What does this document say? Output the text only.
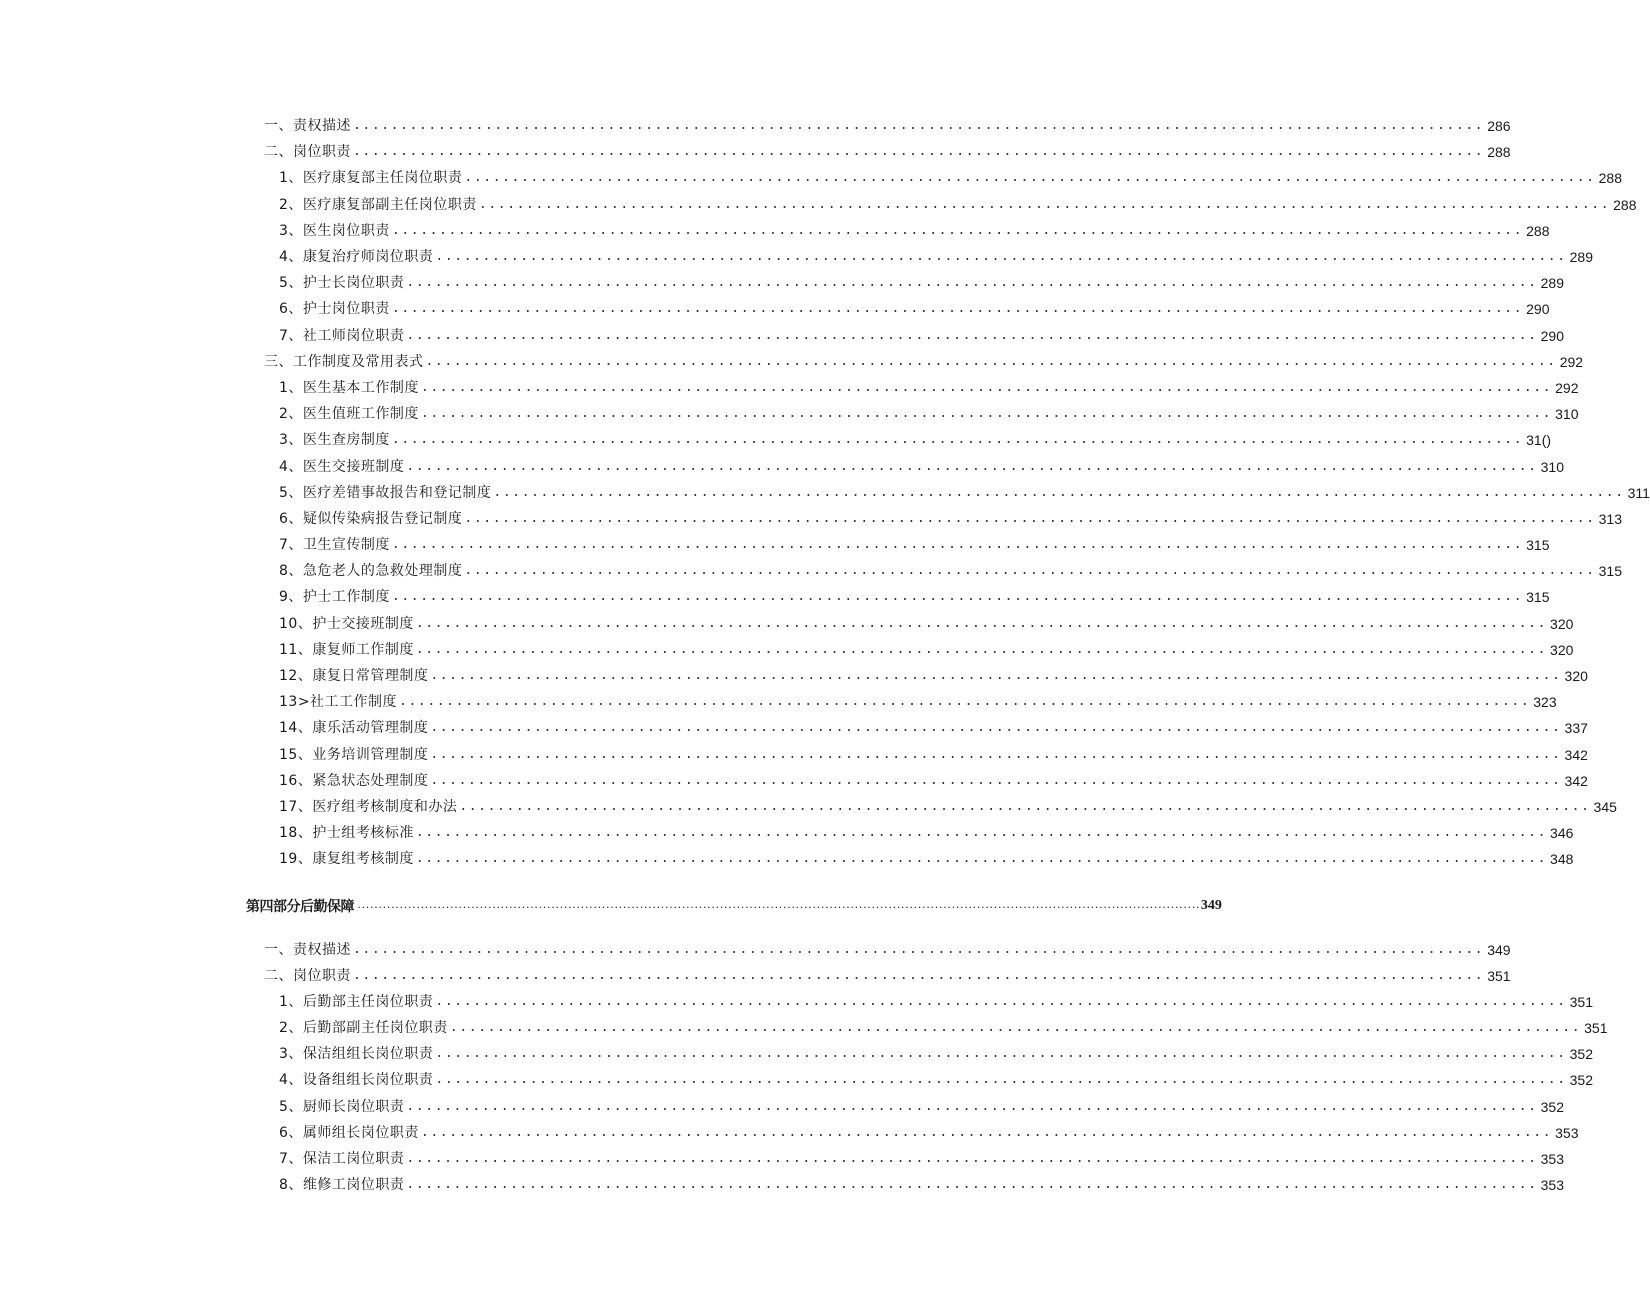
一、责权描述 ........................................................................................................................ 286
二、岗位职责 ........................................................................................................................ 288
1、医疗康复部主任岗位职责 ........................................................................................................................ 288
2、医疗康复部副主任岗位职责 ........................................................................................................................ 288
3、医生岗位职责 ........................................................................................................................ 288
4、康复治疗师岗位职责 ........................................................................................................................ 289
5、护士长岗位职责 ........................................................................................................................ 289
6、护士岗位职责 ........................................................................................................................ 290
7、社工师岗位职责 ........................................................................................................................ 290
三、工作制度及常用表式 ........................................................................................................................ 292
1、医生基本工作制度 ........................................................................................................................ 292
2、医生值班工作制度 ........................................................................................................................ 310
3、医生查房制度 ........................................................................................................................ 31()
4、医生交接班制度 ........................................................................................................................ 310
5、医疗差错事故报告和登记制度 ........................................................................................................................ 311
6、疑似传染病报告登记制度 ........................................................................................................................ 313
7、卫生宣传制度 ........................................................................................................................ 315
8、急危老人的急救处理制度 ........................................................................................................................ 315
9、护士工作制度 ........................................................................................................................ 315
10、护士交接班制度 ........................................................................................................................ 320
11、康复师工作制度 ........................................................................................................................ 320
12、康复日常管理制度 ........................................................................................................................ 320
13>社工工作制度 ........................................................................................................................ 323
14、康乐活动管理制度 ........................................................................................................................ 337
15、业务培训管理制度 ........................................................................................................................ 342
16、紧急状态处理制度 ........................................................................................................................ 342
17、医疗组考核制度和办法 ........................................................................................................................ 345
18、护士组考核标准 ........................................................................................................................ 346
19、康复组考核制度 ........................................................................................................................ 348
第四部分后勤保障 ........................................................................................................................................................................................................ 349
一、责权描述 ........................................................................................................................ 349
二、岗位职责 ........................................................................................................................ 351
1、后勤部主任岗位职责 ........................................................................................................................ 351
2、后勤部副主任岗位职责 ........................................................................................................................ 351
3、保洁组组长岗位职责 ........................................................................................................................ 352
4、设备组组长岗位职责 ........................................................................................................................ 352
5、厨师长岗位职责 ........................................................................................................................ 352
6、属师组长岗位职责 ........................................................................................................................ 353
7、保洁工岗位职责 ........................................................................................................................ 353
8、维修工岗位职责 ........................................................................................................................ 353
